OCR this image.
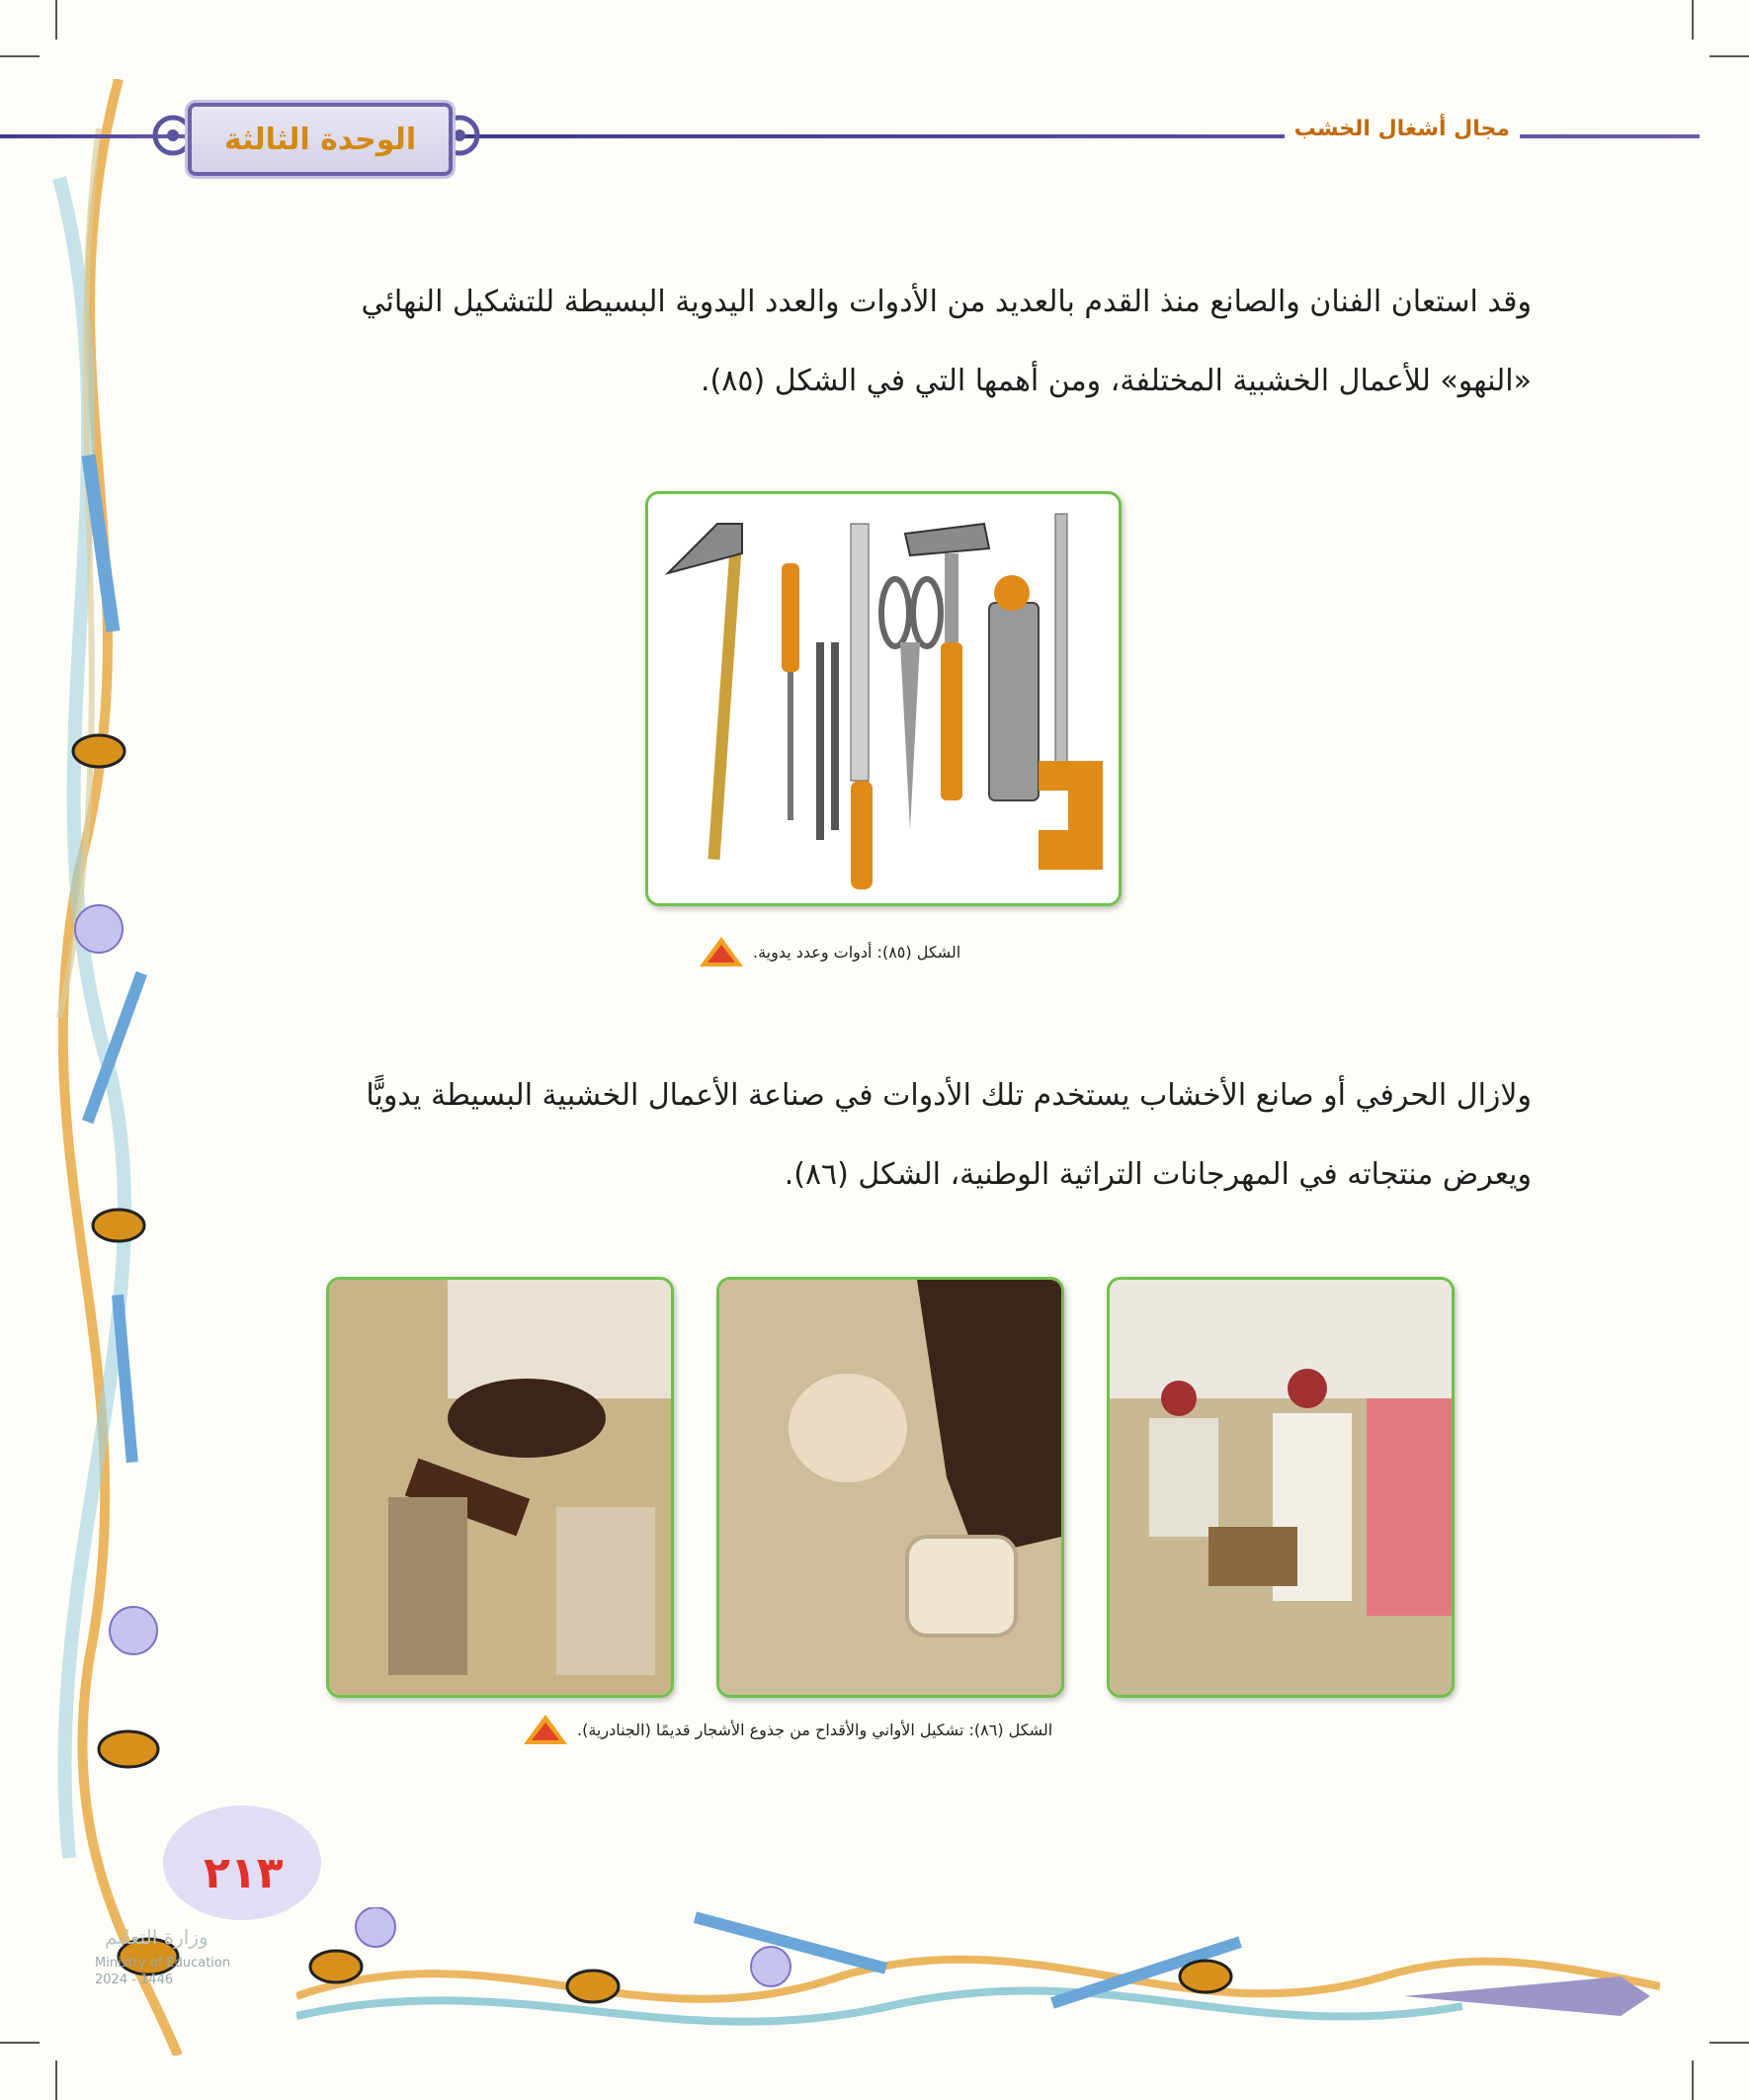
الوحدة الثالثة	مجال أشغال الخشب
وقد استعان الفنان والصانع منذ القدم بالعديد من الأدوات والعدد اليدوية البسيطة للتشكيل النهائي
«النهو» للأعمال الخشبية المختلفة، ومن أهمها التي في الشكل (٨٥).
الشكل (٨٥): أدوات وعدد يدوية.
ولازال الحرفي أو صانع الأخشاب يستخدم تلك الأدوات في صناعة الأعمال الخشبية البسيطة يدويًّا
ويعرض منتجاته في المهرجانات التراثية الوطنية، الشكل (٨٦).
الشكل (٨٦): تشكيل الأواني والأقداح من جذوع الأشجار قديمًا (الجنادرية).
٢١٣
وزارة التعليم
Ministry of Education
2024 - 1446
